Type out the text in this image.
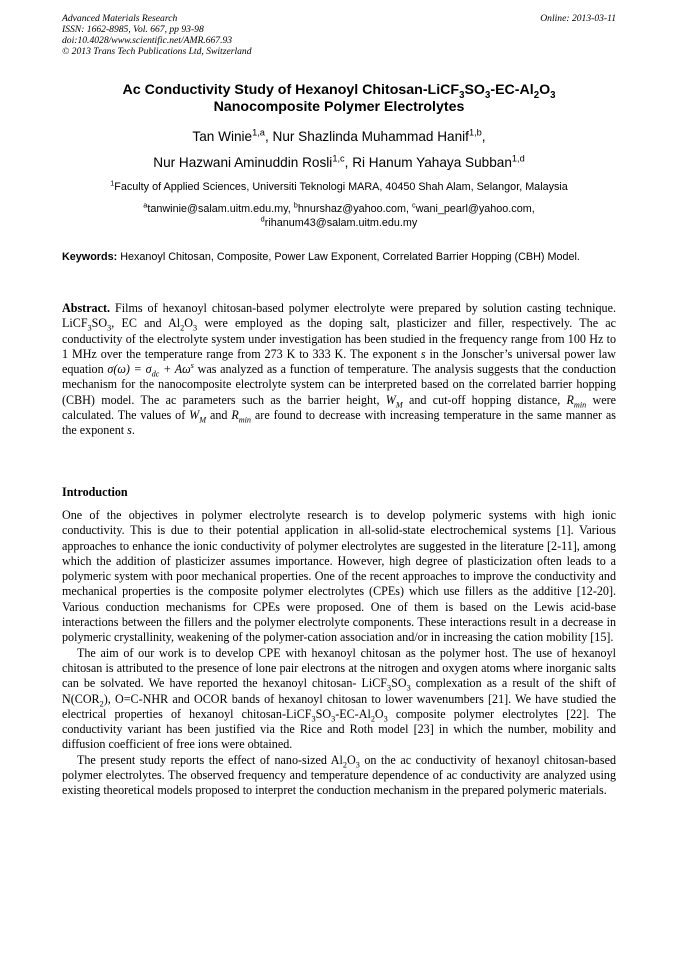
Advanced Materials Research
ISSN: 1662-8985, Vol. 667, pp 93-98
doi:10.4028/www.scientific.net/AMR.667.93
© 2013 Trans Tech Publications Ltd, Switzerland
Online: 2013-03-11
Ac Conductivity Study of Hexanoyl Chitosan-$LiCF_3SO_3-EC-Al_2O_3$
Nanocomposite Polymer Electrolytes
Tan Winie$^{1,a}$, Nur Shazlinda Muhammad Hanif$^{1,b}$,
Nur Hazwani Aminuddin Rosli$^{1,c}$, Ri Hanum Yahaya Subban$^{1,d}$
$^1$Faculty of Applied Sciences, Universiti Teknologi MARA, 40450 Shah Alam, Selangor, Malaysia
$^a$tanwinie@salam.uitm.edu.my, $^b$hnurshaz@yahoo.com, $^c$wani_pearl@yahoo.com,
$^d$rihanum43@salam.uitm.edu.my
Keywords: Hexanoyl Chitosan, Composite, Power Law Exponent, Correlated Barrier Hopping (CBH) Model.
Abstract. Films of hexanoyl chitosan-based polymer electrolyte were prepared by solution casting technique. $LiCF_3SO_3$, EC and $Al_2O_3$ were employed as the doping salt, plasticizer and filler, respectively. The ac conductivity of the electrolyte system under investigation has been studied in the frequency range from 100 Hz to 1 MHz over the temperature range from 273 K to 333 K. The exponent s in the Jonscher’s universal power law equation $\sigma(\omega) = \sigma_{dc} + A\omega^s$ was analyzed as a function of temperature. The analysis suggests that the conduction mechanism for the nanocomposite electrolyte system can be interpreted based on the correlated barrier hopping (CBH) model. The ac parameters such as the barrier height, $W_M$ and cut-off hopping distance, $R_{min}$ were calculated. The values of $W_M$ and $R_{min}$ are found to decrease with increasing temperature in the same manner as the exponent s.
Introduction

One of the objectives in polymer electrolyte research is to develop polymeric systems with high ionic conductivity. This is due to their potential application in all-solid-state electrochemical systems [1]. Various approaches to enhance the ionic conductivity of polymer electrolytes are suggested in the literature [2-11], among which the addition of plasticizer assumes importance. However, high degree of plasticization often leads to a polymeric system with poor mechanical properties. One of the recent approaches to improve the conductivity and mechanical properties is the composite polymer electrolytes (CPEs) which use fillers as the additive [12-20]. Various conduction mechanisms for CPEs were proposed. One of them is based on the Lewis acid-base interactions between the fillers and the polymer electrolyte components. These interactions result in a decrease in polymeric crystallinity, weakening of the polymer-cation association and/or in increasing the cation mobility [15].

The aim of our work is to develop CPE with hexanoyl chitosan as the polymer host. The use of hexanoyl chitosan is attributed to the presence of lone pair electrons at the nitrogen and oxygen atoms where inorganic salts can be solvated. We have reported the hexanoyl chitosan- $LiCF_3SO_3$ complexation as a result of the shift of $N(COR_2)$, O=C-NHR and OCOR bands of hexanoyl chitosan to lower wavenumbers [21]. We have studied the electrical properties of hexanoyl chitosan-$LiCF_3SO_3-EC-Al_2O_3$ composite polymer electrolytes [22]. The conductivity variant has been justified via the Rice and Roth model [23] in which the number, mobility and diffusion coefficient of free ions were obtained.

The present study reports the effect of nano-sized $Al_2O_3$ on the ac conductivity of hexanoyl chitosan-based polymer electrolytes. The observed frequency and temperature dependence of ac conductivity are analyzed using existing theoretical models proposed to interpret the conduction mechanism in the prepared polymeric materials.
